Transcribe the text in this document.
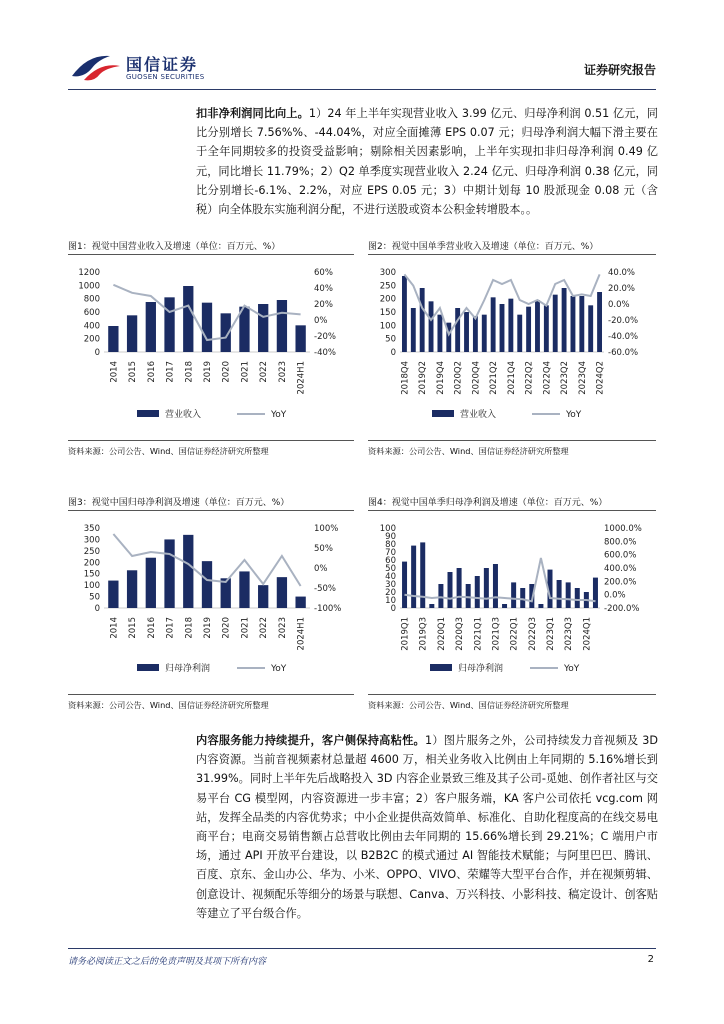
国信证券
GUOSEN SECURITIES	证券研究报告
扣非净利润同比向上。1）24 年上半年实现营业收入 3.99 亿元、归母净利润 0.51 亿元，同比分别增长 7.56%%、-44.04%，对应全面摊薄 EPS 0.07 元；归母净利润大幅下滑主要在于全年同期较多的投资受益影响；剔除相关因素影响，上半年实现扣非归母净利润 0.49 亿元，同比增长 11.79%；2）Q2 单季度实现营业收入 2.24 亿元、归母净利润 0.38 亿元，同比分别增长-6.1%、2.2%，对应 EPS 0.05 元；3）中期计划每 10 股派现金 0.08 元（含税）向全体股东实施利润分配，不进行送股或资本公积金转增股本。。
图1：视觉中国营业收入及增速（单位：百万元、%）	图2：视觉中国单季营业收入及增速（单位：百万元、%）
0
200
400
600
800
1000
1200
-40%
-20%
0%
20%
40%
60%
2014 2015 2016 2017 2018 2019 2020 2021 2022 2023 2024H1
营业收入	YoY
0
50
100
150
200
250
300
-60.0%
-40.0%
-20.0%
0.0%
20.0%
40.0%
2018Q4 2019Q2 2019Q4 2020Q2 2020Q4 2021Q2 2021Q4 2022Q2 2022Q4 2023Q2 2023Q4 2024Q2
营业收入	YoY
资料来源：公司公告、Wind、国信证券经济研究所整理	资料来源：公司公告、Wind、国信证券经济研究所整理
图3：视觉中国归母净利润及增速（单位：百万元、%）	图4：视觉中国单季归母净利润及增速（单位：百万元、%）
0
50
100
150
200
250
300
350
-100%
-50%
0%
50%
100%
2014 2015 2016 2017 2018 2019 2020 2021 2022 2023 2024H1
归母净利润	YoY
0
10
20
30
40
50
60
70
80
90
100
-200.0%
0.0%
200.0%
400.0%
600.0%
800.0%
1000.0%
2019Q1 2019Q3 2020Q1 2020Q3 2021Q1 2021Q3 2022Q1 2022Q3 2023Q1 2023Q3 2024Q1
归母净利润	YoY
资料来源：公司公告、Wind、国信证券经济研究所整理	资料来源：公司公告、Wind、国信证券经济研究所整理
内容服务能力持续提升，客户侧保持高粘性。1）图片服务之外，公司持续发力音视频及 3D 内容资源。当前音视频素材总量超 4600 万，相关业务收入比例由上年同期的 5.16%增长到 31.99%。同时上半年先后战略投入 3D 内容企业景致三维及其子公司-觅她、创作者社区与交易平台 CG 模型网，内容资源进一步丰富；2）客户服务端，KA 客户公司依托 vcg.com 网站，发挥全品类的内容优势求；中小企业提供高效简单、标准化、自助化程度高的在线交易电商平台；电商交易销售额占总营收比例由去年同期的 15.66%增长到 29.21%；C 端用户市场，通过 API 开放平台建设，以 B2B2C 的模式通过 AI 智能技术赋能；与阿里巴巴、腾讯、百度、京东、金山办公、华为、小米、OPPO、VIVO、荣耀等大型平台合作，并在视频剪辑、创意设计、视频配乐等细分的场景与联想、Canva、万兴科技、小影科技、稿定设计、创客贴等建立了平台级合作。
请务必阅读正文之后的免责声明及其项下所有内容	2
